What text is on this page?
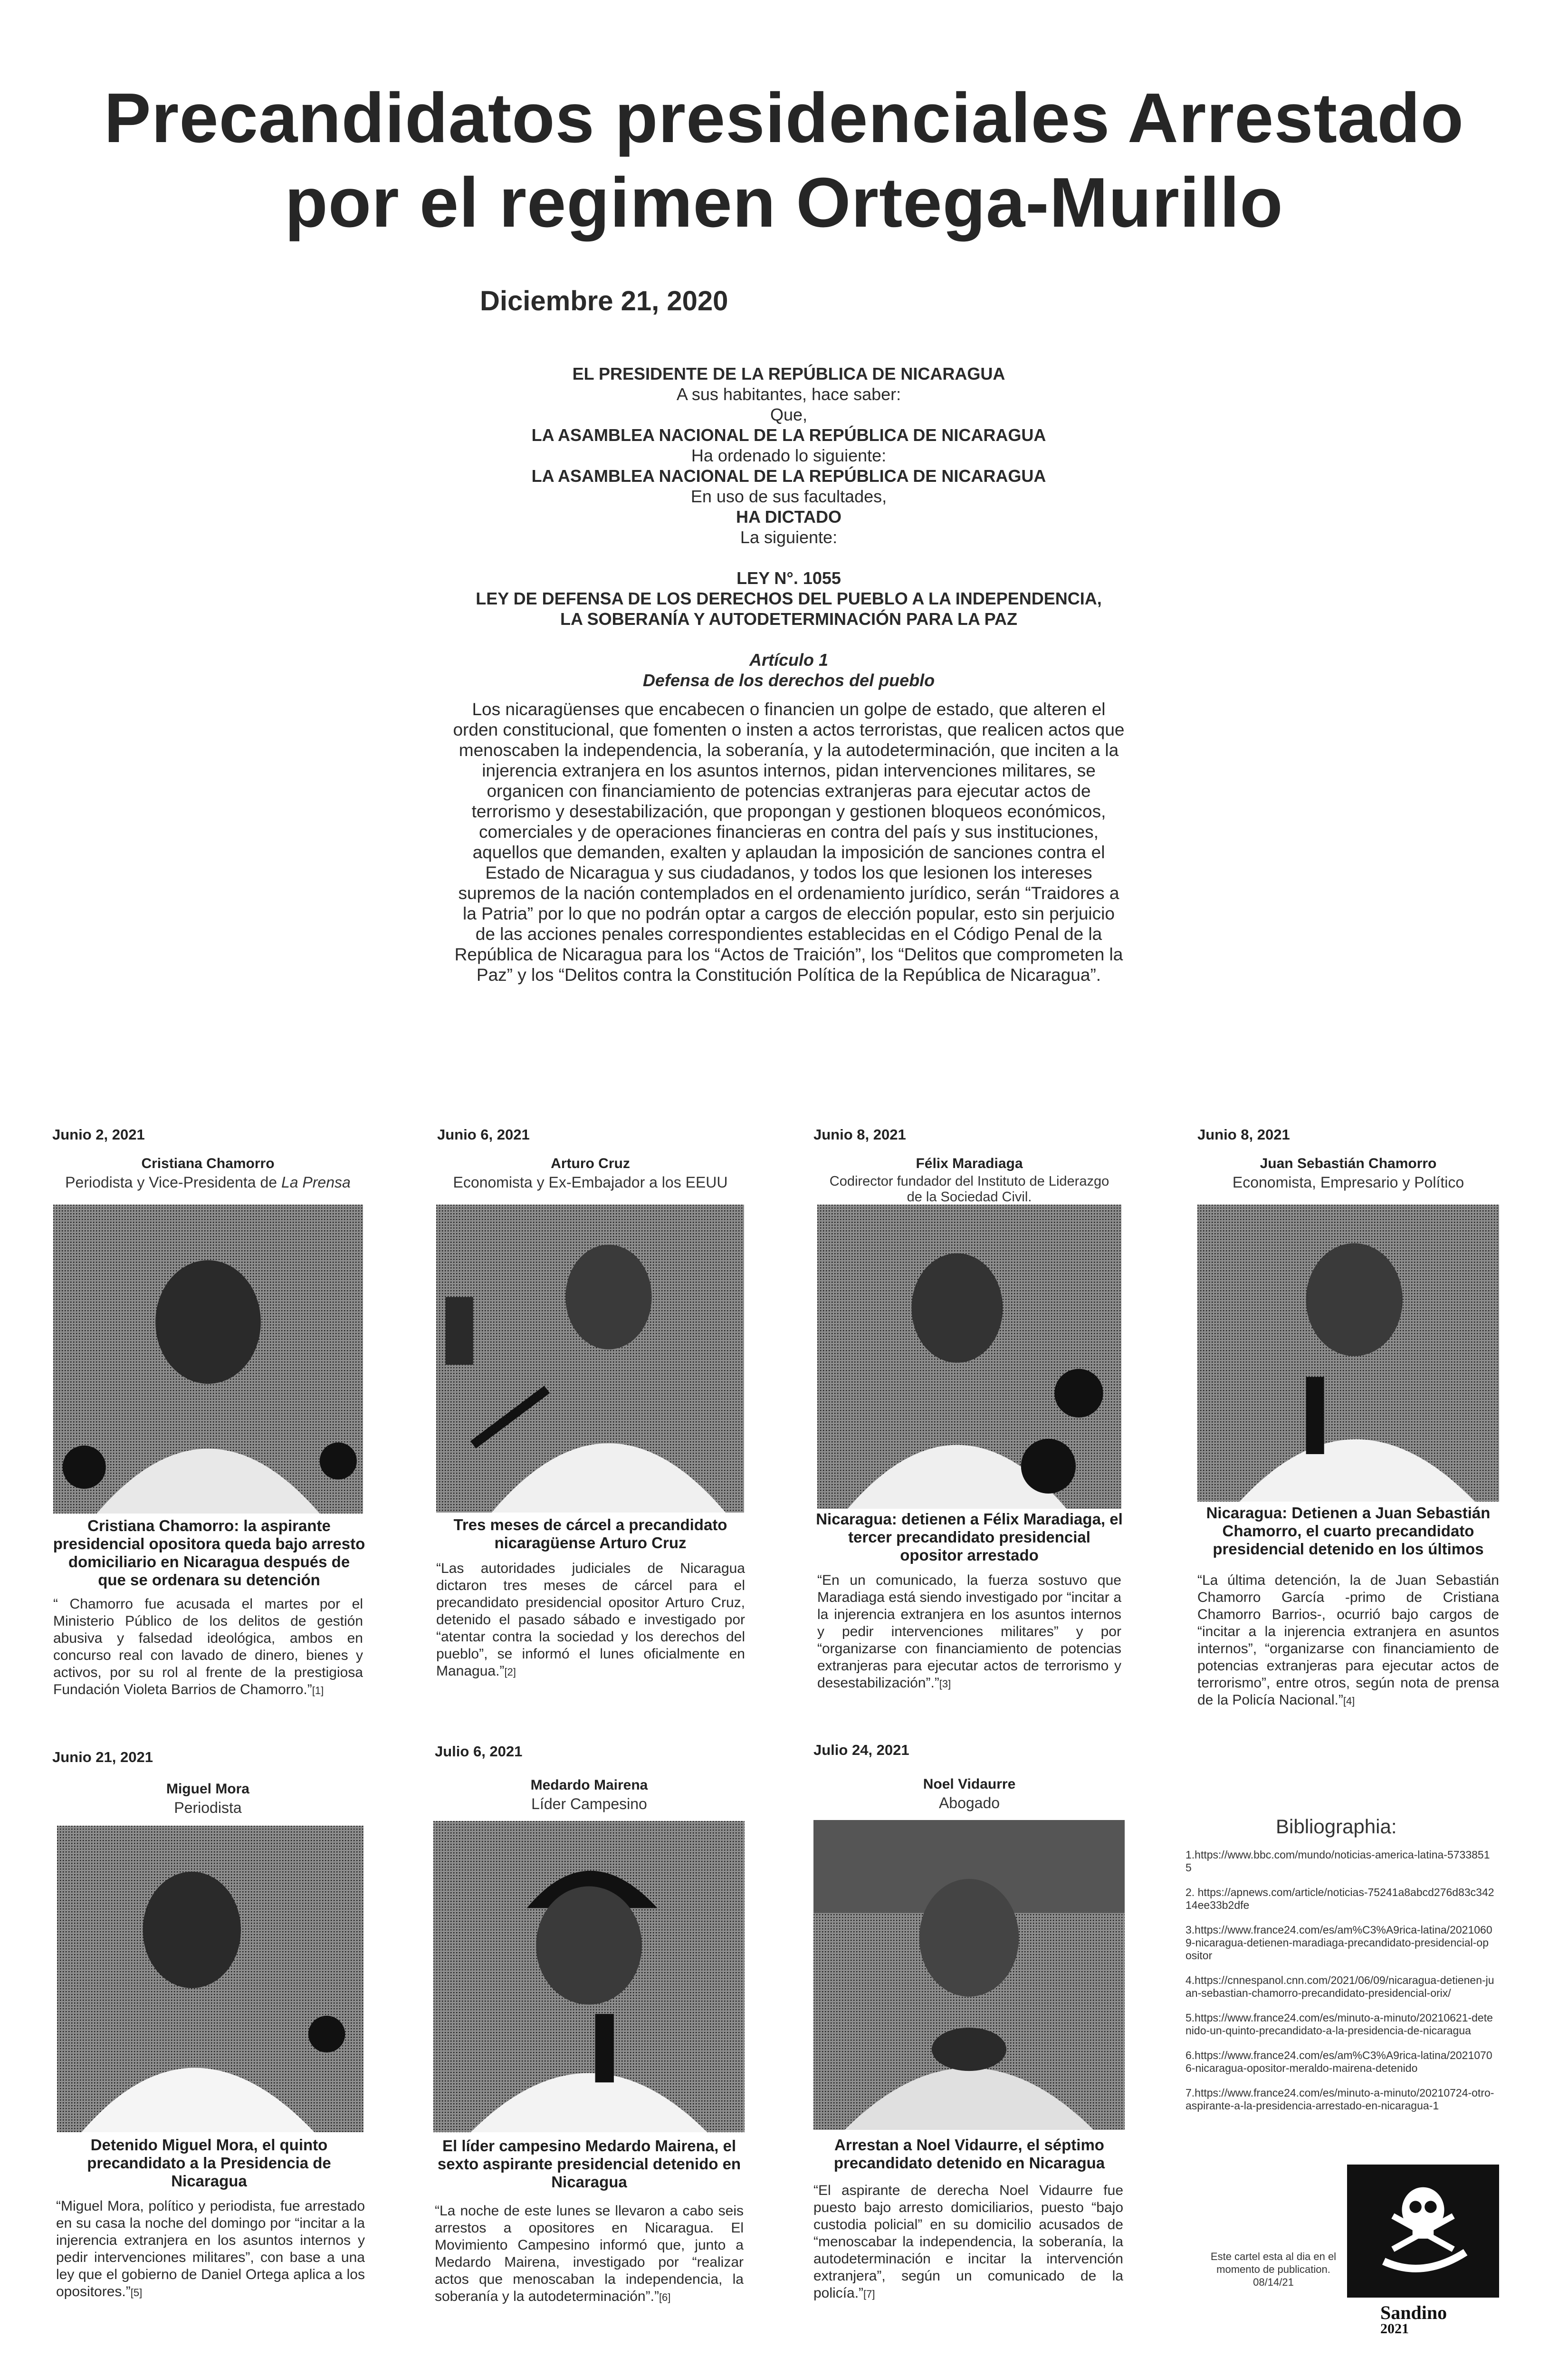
Precandidatos presidenciales Arrestado
por el regimen Ortega-Murillo
Diciembre 21, 2020
EL PRESIDENTE DE LA REPÚBLICA DE NICARAGUA
A sus habitantes, hace saber:
Que,
LA ASAMBLEA NACIONAL DE LA REPÚBLICA DE NICARAGUA
Ha ordenado lo siguiente:
LA ASAMBLEA NACIONAL DE LA REPÚBLICA DE NICARAGUA
En uso de sus facultades,
HA DICTADO
La siguiente:
LEY N°. 1055
LEY DE DEFENSA DE LOS DERECHOS DEL PUEBLO A LA INDEPENDENCIA,
LA SOBERANÍA Y AUTODETERMINACIÓN PARA LA PAZ
Artículo 1
Defensa de los derechos del pueblo
Los nicaragüenses que encabecen o financien un golpe de estado, que alteren el orden constitucional, que fomenten o insten a actos terroristas, que realicen actos que menoscaben la independencia, la soberanía, y la autodeterminación, que inciten a la injerencia extranjera en los asuntos internos, pidan intervenciones militares, se organicen con financiamiento de potencias extranjeras para ejecutar actos de terrorismo y desestabilización, que propongan y gestionen bloqueos económicos, comerciales y de operaciones financieras en contra del país y sus instituciones, aquellos que demanden, exalten y aplaudan la imposición de sanciones contra el Estado de Nicaragua y sus ciudadanos, y todos los que lesionen los intereses supremos de la nación contemplados en el ordenamiento jurídico, serán “Traidores a la Patria” por lo que no podrán optar a cargos de elección popular, esto sin perjuicio de las acciones penales correspondientes establecidas en el Código Penal de la República de Nicaragua para los “Actos de Traición”, los “Delitos que comprometen la Paz” y los “Delitos contra la Constitución Política de la República de Nicaragua”.
Junio 2, 2021
Cristiana Chamorro
Periodista y Vice-Presidenta de La Prensa
Cristiana Chamorro: la aspirante presidencial opositora queda bajo arresto domiciliario en Nicaragua después de que se ordenara su detención
“ Chamorro fue acusada el martes por el Ministerio Público de los delitos de gestión abusiva y falsedad ideológica, ambos en concurso real con lavado de dinero, bienes y activos, por su rol al frente de la prestigiosa Fundación Violeta Barrios de Chamorro.”[1]
Junio 6, 2021
Arturo Cruz
Economista y Ex-Embajador a los EEUU
Tres meses de cárcel a precandidato nicaragüense Arturo Cruz
“Las autoridades judiciales de Nicaragua dictaron tres meses de cárcel para el precandidato presidencial opositor Arturo Cruz, detenido el pasado sábado e investigado por “atentar contra la sociedad y los derechos del pueblo”, se informó el lunes oficialmente en Managua.”[2]
Junio 8, 2021
Félix Maradiaga
Codirector fundador del Instituto de Liderazgo de la Sociedad Civil.
Nicaragua: detienen a Félix Maradiaga, el tercer precandidato presidencial opositor arrestado
“En un comunicado, la fuerza sostuvo que Maradiaga está siendo investigado por “incitar a la injerencia extranjera en los asuntos internos y pedir intervenciones militares” y por “organizarse con financiamiento de potencias extranjeras para ejecutar actos de terrorismo y desestabilización”.”[3]
Junio 8, 2021
Juan Sebastián Chamorro
Economista, Empresario y Político
Nicaragua: Detienen a Juan Sebastián Chamorro, el cuarto precandidato presidencial detenido en los últimos
“La última detención, la de Juan Sebastián Chamorro García -primo de Cristiana Chamorro Barrios-, ocurrió bajo cargos de “incitar a la injerencia extranjera en asuntos internos”, “organizarse con financiamiento de potencias extranjeras para ejecutar actos de terrorismo”, entre otros, según nota de prensa de la Policía Nacional.”[4]
Junio 21, 2021
Miguel Mora
Periodista
Detenido Miguel Mora, el quinto precandidato a la Presidencia de Nicaragua
“Miguel Mora, político y periodista, fue arrestado en su casa la noche del domingo por “incitar a la injerencia extranjera en los asuntos internos y pedir intervenciones militares”, con base a una ley que el gobierno de Daniel Ortega aplica a los opositores.”[5]
Julio 6, 2021
Medardo Mairena
Líder Campesino
El líder campesino Medardo Mairena, el sexto aspirante presidencial detenido en Nicaragua
“La noche de este lunes se llevaron a cabo seis arrestos a opositores en Nicaragua. El Movimiento Campesino informó que, junto a Medardo Mairena, investigado por “realizar actos que menoscaban la independencia, la soberanía y la autodeterminación”.”[6]
Julio 24, 2021
Noel Vidaurre
Abogado
Arrestan a Noel Vidaurre, el séptimo precandidato detenido en Nicaragua
“El aspirante de derecha Noel Vidaurre fue puesto bajo arresto domiciliarios, puesto “bajo custodia policial” en su domicilio acusados de “menoscabar la independencia, la soberanía, la autodeterminación e incitar la intervención extranjera”, según un comunicado de la policía.”[7]
Bibliographia:
1.https://www.bbc.com/mundo/noticias-america-latina-57338515
2. https://apnews.com/article/noticias-75241a8abcd276d83c34214ee33b2dfe
3.https://www.france24.com/es/am%C3%A9rica-latina/20210609-nicaragua-detienen-maradiaga-precandidato-presidencial-opositor
4.https://cnnespanol.cnn.com/2021/06/09/nicaragua-detienen-juan-sebastian-chamorro-precandidato-presidencial-orix/
5.https://www.france24.com/es/minuto-a-minuto/20210621-detenido-un-quinto-precandidato-a-la-presidencia-de-nicaragua
6.https://www.france24.com/es/am%C3%A9rica-latina/20210706-nicaragua-opositor-meraldo-mairena-detenido
7.https://www.france24.com/es/minuto-a-minuto/20210724-otro-aspirante-a-la-presidencia-arrestado-en-nicaragua-1
Sandino
2021
Este cartel esta al dia en el momento de publication. 08/14/21
